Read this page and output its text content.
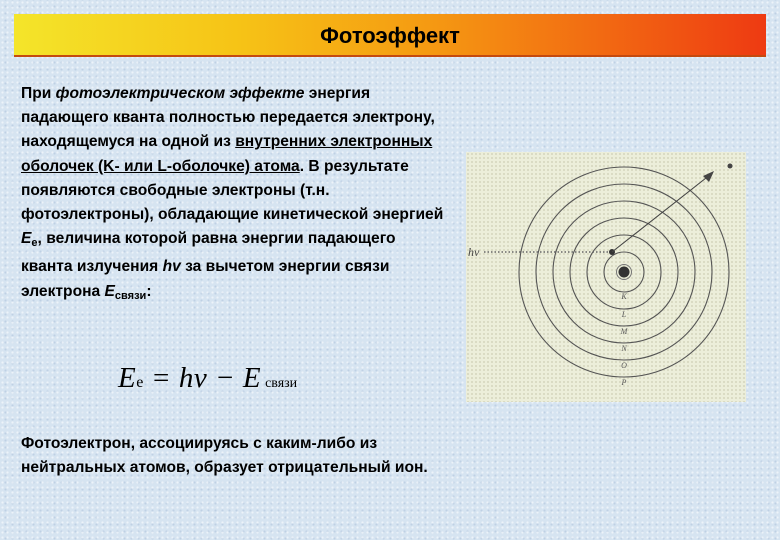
Фотоэффект
При фотоэлектрическом эффекте энергия падающего кванта полностью передается электрону, находящемуся на одной из внутренних электронных оболочек (K- или L-оболочке) атома. В результате появляются свободные электроны (т.н. фотоэлектроны), обладающие кинетической энергией $E_e$, величина которой равна энергии падающего кванта излучения hv за вычетом энергии связи электрона $E_{связи}$:
Ee = hν − E связи
Фотоэлектрон, ассоциируясь с каким-либо из нейтральных атомов, образует отрицательный ион.
hν
K
L
M
N
O
P
